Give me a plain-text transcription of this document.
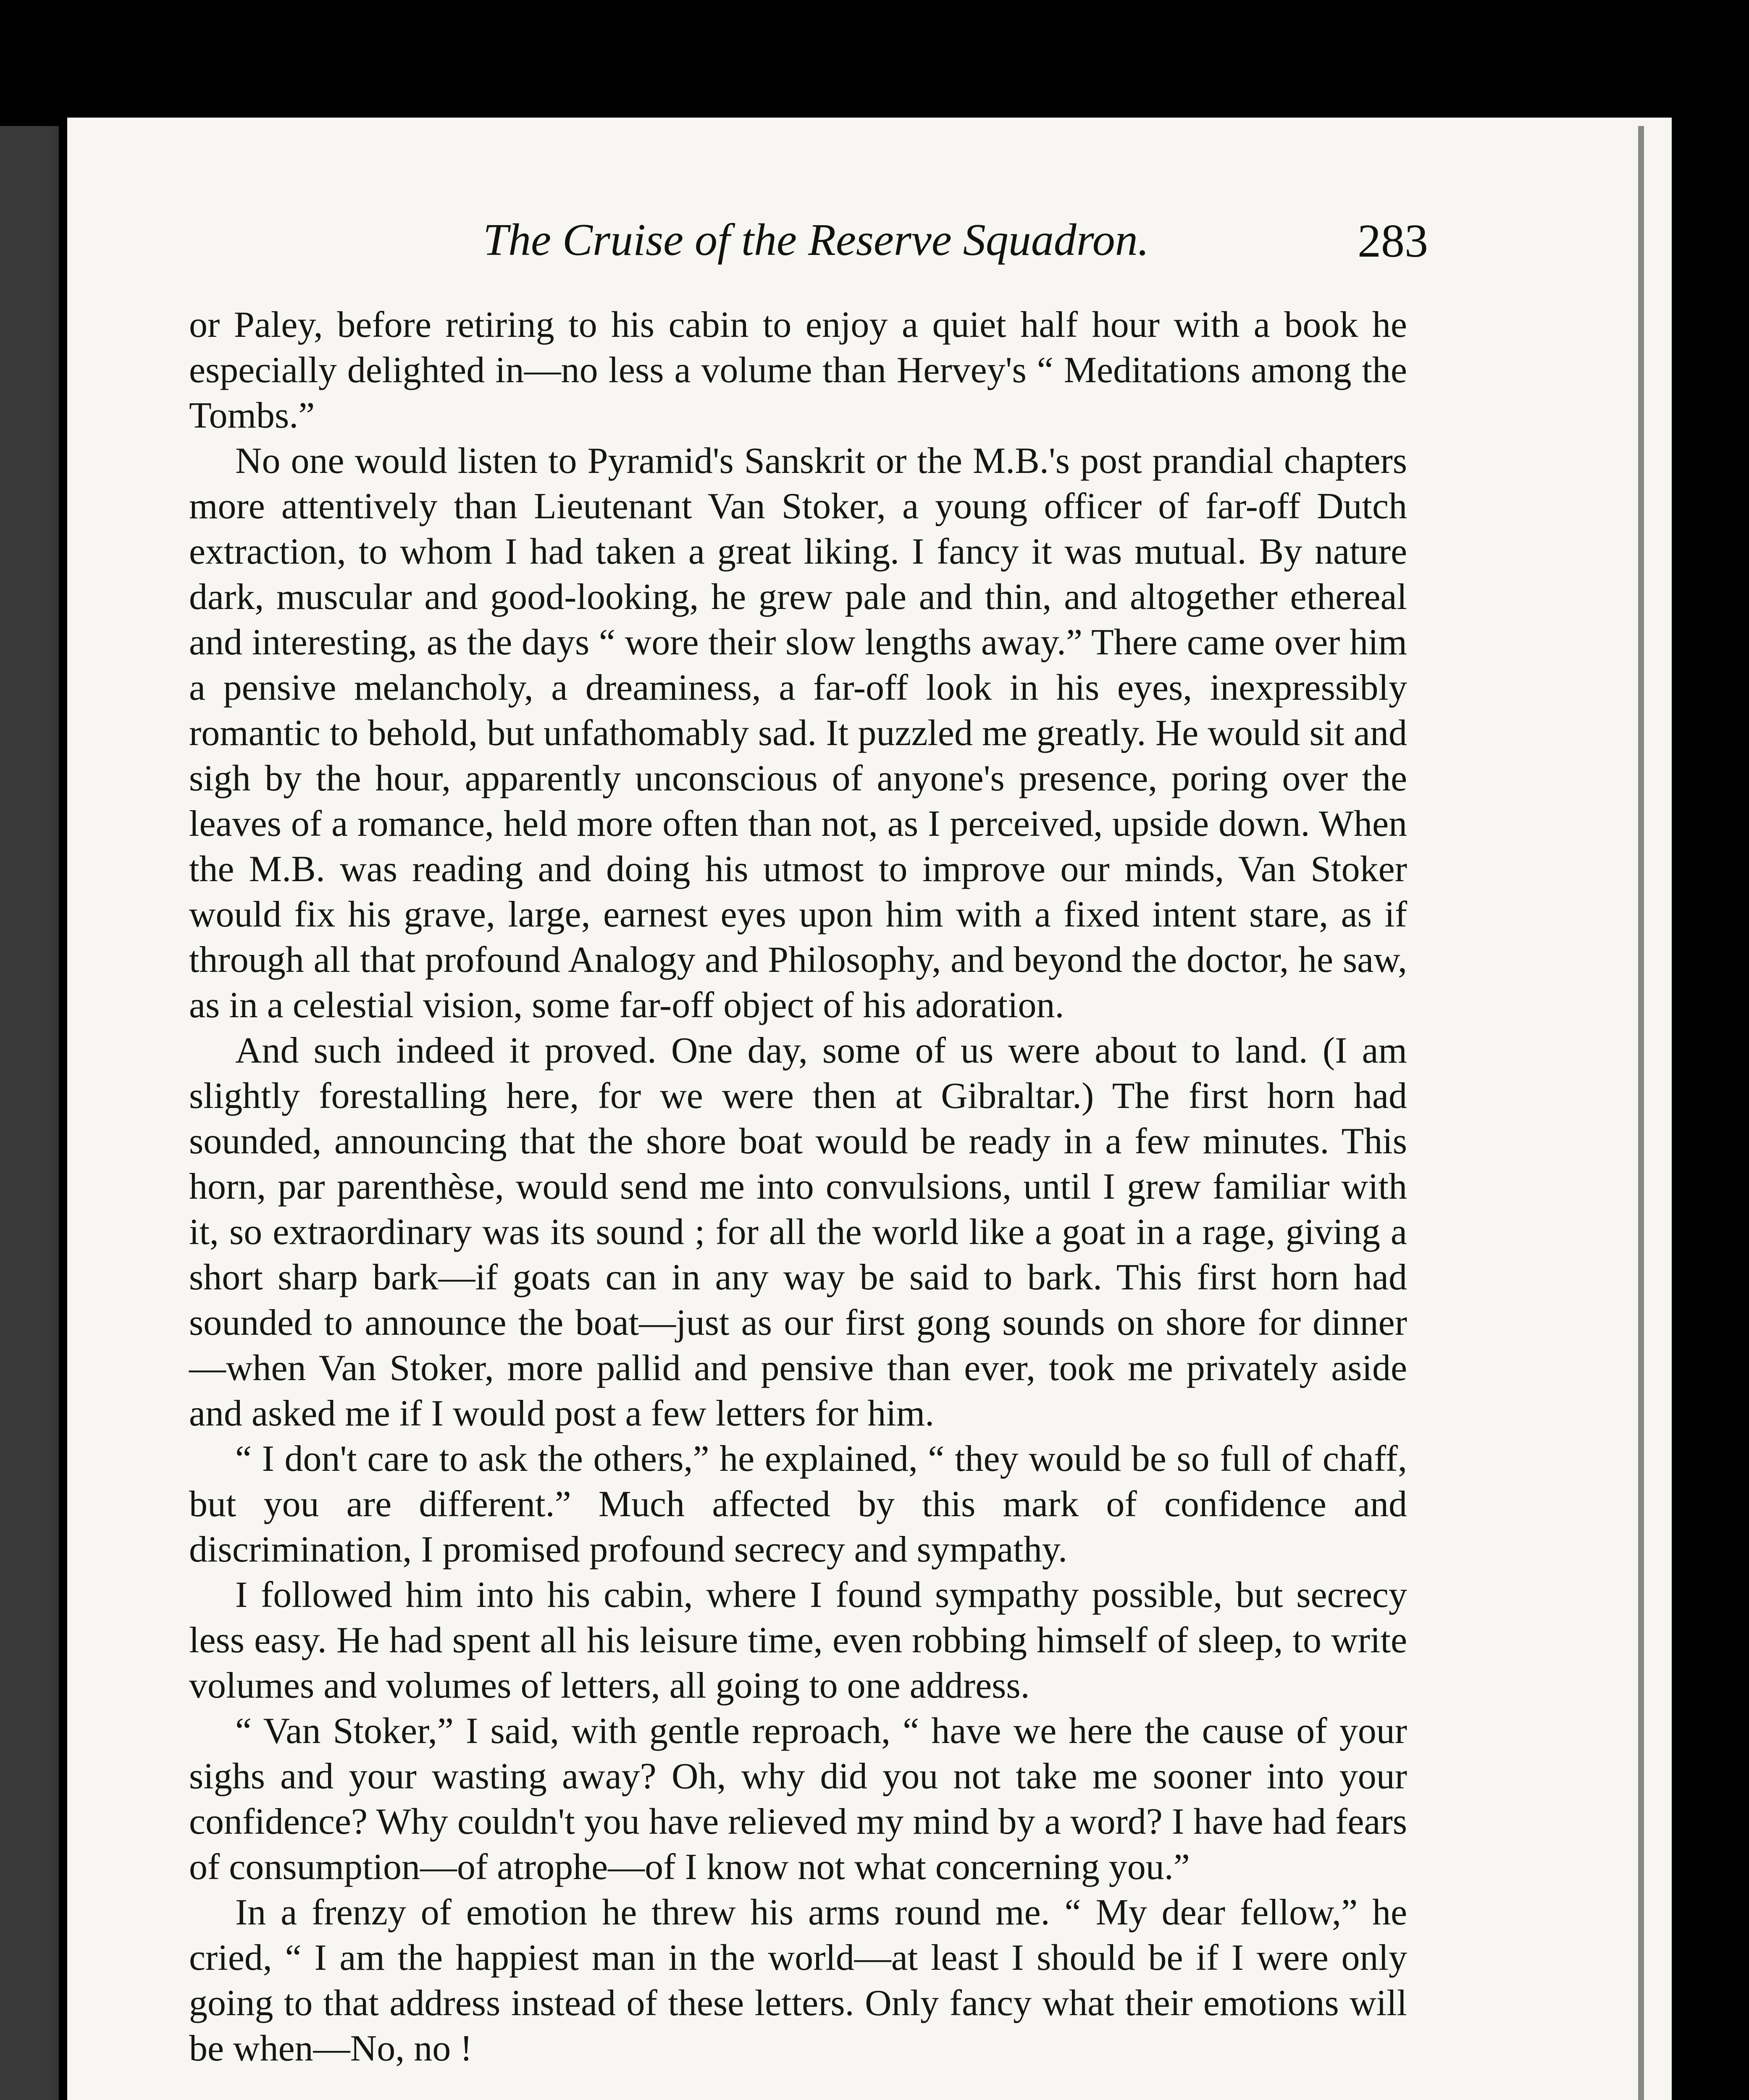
The Cruise of the Reserve Squadron.	283

or Paley, before retiring to his cabin to enjoy a quiet half hour with a book he especially delighted in—no less a volume than Hervey's “ Meditations among the Tombs.”

No one would listen to Pyramid's Sanskrit or the M.B.'s post prandial chapters more attentively than Lieutenant Van Stoker, a young officer of far-off Dutch extraction, to whom I had taken a great liking. I fancy it was mutual. By nature dark, muscular and good-looking, he grew pale and thin, and altogether ethereal and interesting, as the days “ wore their slow lengths away.” There came over him a pensive melancholy, a dreaminess, a far-off look in his eyes, inexpressibly romantic to behold, but unfathomably sad. It puzzled me greatly. He would sit and sigh by the hour, apparently unconscious of anyone's presence, poring over the leaves of a romance, held more often than not, as I perceived, upside down. When the M.B. was reading and doing his utmost to improve our minds, Van Stoker would fix his grave, large, earnest eyes upon him with a fixed intent stare, as if through all that profound Analogy and Philosophy, and beyond the doctor, he saw, as in a celestial vision, some far-off object of his adoration.

And such indeed it proved. One day, some of us were about to land. (I am slightly forestalling here, for we were then at Gibraltar.) The first horn had sounded, announcing that the shore boat would be ready in a few minutes. This horn, par parenthèse, would send me into convulsions, until I grew familiar with it, so extraordinary was its sound ; for all the world like a goat in a rage, giving a short sharp bark—if goats can in any way be said to bark. This first horn had sounded to announce the boat—just as our first gong sounds on shore for dinner—when Van Stoker, more pallid and pensive than ever, took me privately aside and asked me if I would post a few letters for him.

“ I don't care to ask the others,” he explained, “ they would be so full of chaff, but you are different.” Much affected by this mark of confidence and discrimination, I promised profound secrecy and sympathy.

I followed him into his cabin, where I found sympathy possible, but secrecy less easy. He had spent all his leisure time, even robbing himself of sleep, to write volumes and volumes of letters, all going to one address.

“ Van Stoker,” I said, with gentle reproach, “ have we here the cause of your sighs and your wasting away? Oh, why did you not take me sooner into your confidence? Why couldn't you have relieved my mind by a word? I have had fears of consumption—of atrophe—of I know not what concerning you.”

In a frenzy of emotion he threw his arms round me. “ My dear fellow,” he cried, “ I am the happiest man in the world—at least I should be if I were only going to that address instead of these letters. Only fancy what their emotions will be when—No, no !
